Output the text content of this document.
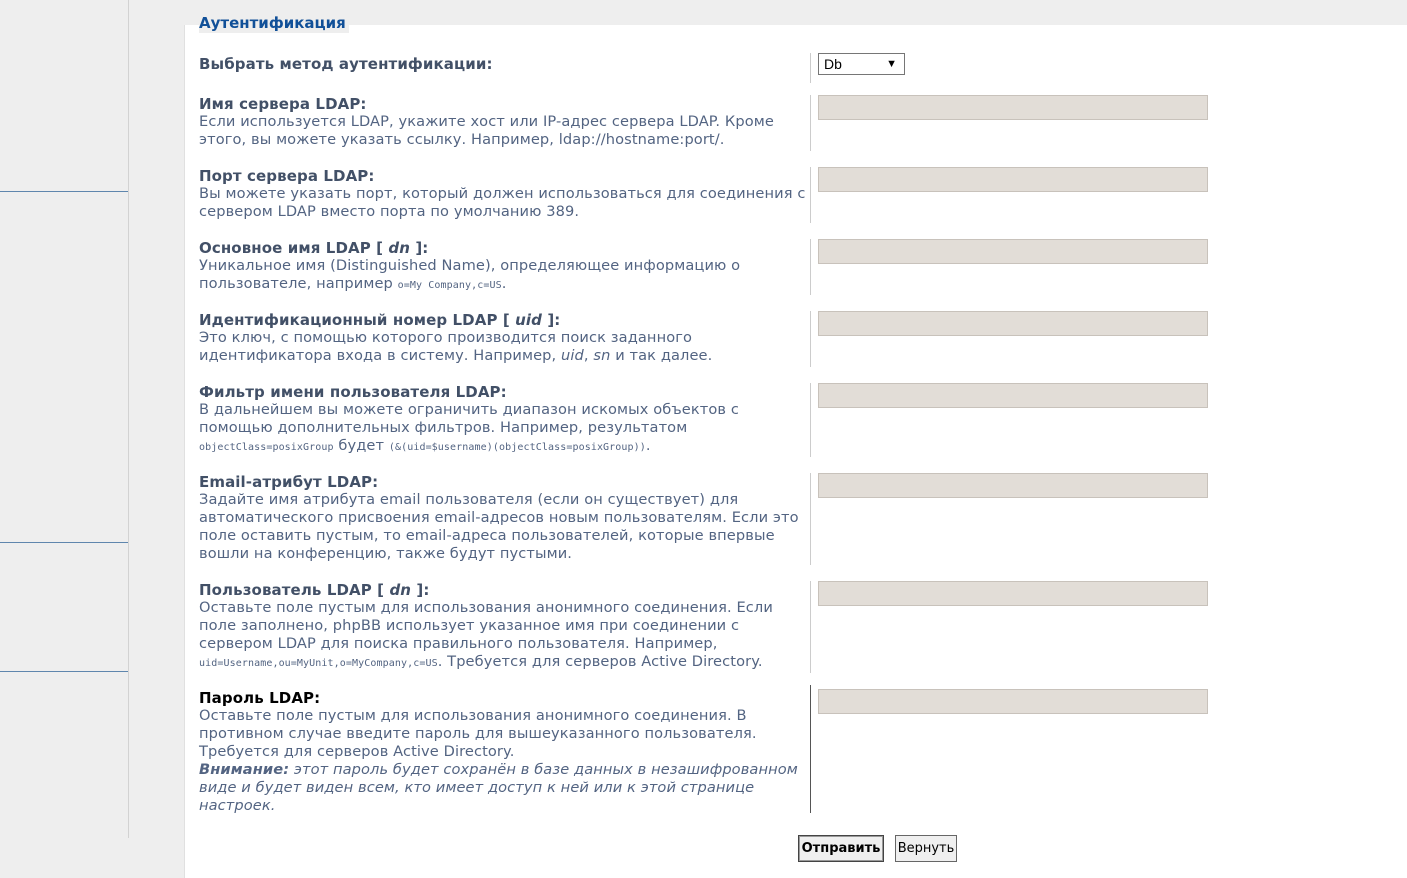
Аутентификация
Выбрать метод аутентификации:	Db	▼
Имя сервера LDAP:
Если используется LDAP, укажите хост или IP-адрес сервера LDAP. Кроме этого, вы можете указать ссылку. Например, ldap://hostname:port/.
Порт сервера LDAP:
Вы можете указать порт, который должен использоваться для соединения с сервером LDAP вместо порта по умолчанию 389.
Основное имя LDAP [ dn ]:
Уникальное имя (Distinguished Name), определяющее информацию о пользователе, например o=My Company,c=US.
Идентификационный номер LDAP [ uid ]:
Это ключ, с помощью которого производится поиск заданного идентификатора входа в систему. Например, uid, sn и так далее.
Фильтр имени пользователя LDAP:
В дальнейшем вы можете ограничить диапазон искомых объектов с помощью дополнительных фильтров. Например, результатом objectClass=posixGroup будет (&(uid=$username)(objectClass=posixGroup)).
Email-атрибут LDAP:
Задайте имя атрибута email пользователя (если он существует) для автоматического присвоения email-адресов новым пользователям. Если это поле оставить пустым, то email-адреса пользователей, которые впервые вошли на конференцию, также будут пустыми.
Пользователь LDAP [ dn ]:
Оставьте поле пустым для использования анонимного соединения. Если поле заполнено, phpBB использует указанное имя при соединении с сервером LDAP для поиска правильного пользователя. Например, uid=Username,ou=MyUnit,o=MyCompany,c=US. Требуется для серверов Active Directory.
Пароль LDAP:
Оставьте поле пустым для использования анонимного соединения. В противном случае введите пароль для вышеуказанного пользователя. Требуется для серверов Active Directory.
Внимание: этот пароль будет сохранён в базе данных в незашифрованном виде и будет виден всем, кто имеет доступ к ней или к этой странице настроек.
Отправить Вернуть
